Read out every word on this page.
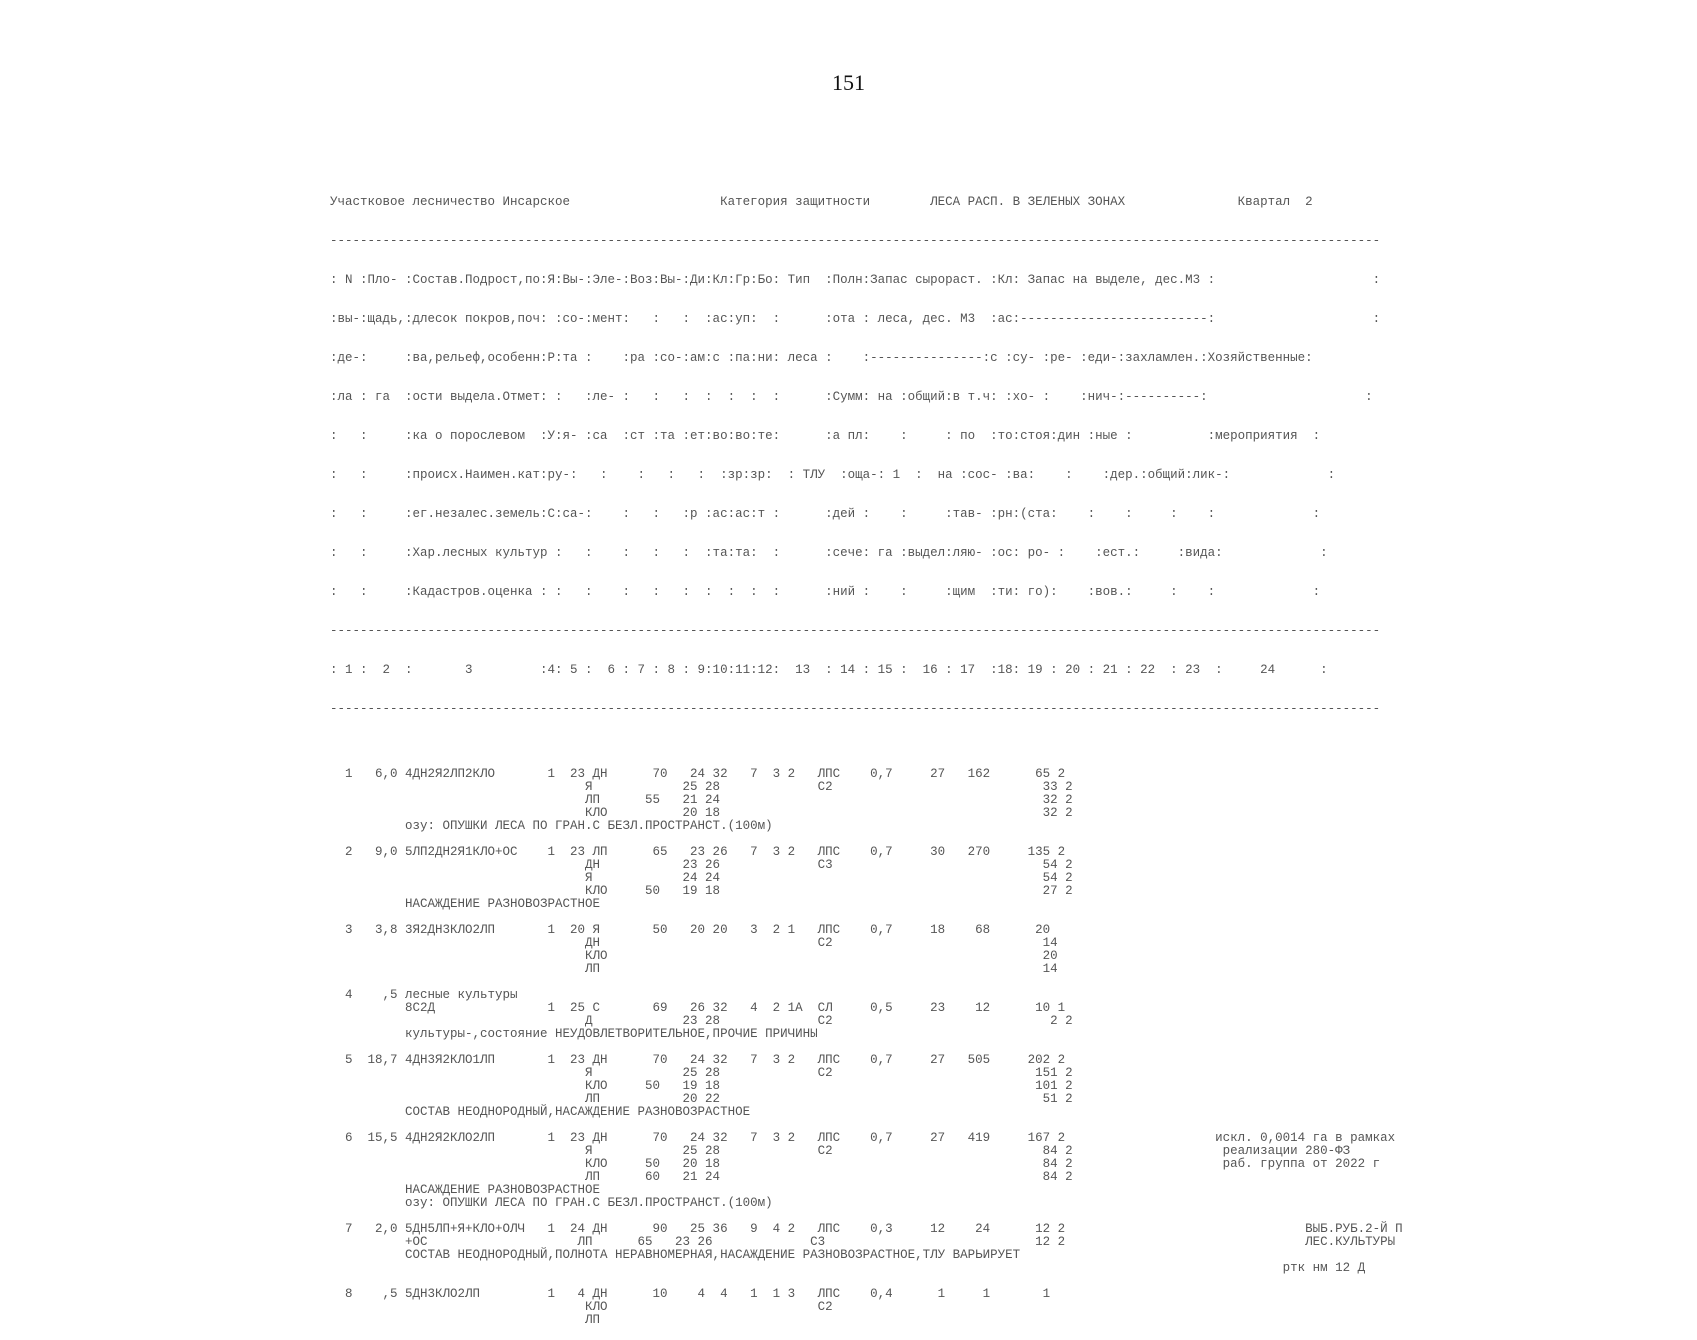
151

Участковое лесничество Инсарское                    Категория защитности        ЛЕСА РАСП. В ЗЕЛЕНЫХ ЗОНАХ               Квартал  2

--------------------------------------------------------------------------------------------------------------------------------------------

: N :Пло- :Состав.Подрост,по:Я:Вы-:Эле-:Воз:Вы-:Ди:Кл:Гр:Бо: Тип  :Полн:Запас сырораст. :Кл: Запас на выделе, дес.М3 :                     :

:вы-:щадь,:длесок покров,поч: :со-:мент:   :   :  :ас:уп:  :      :ота : леса, дес. М3  :ас:-------------------------:                     :

:де-:     :ва,рельеф,особенн:Р:та :    :ра :со-:ам:с :па:ни: леса :    :---------------:с :су- :ре- :еди-:захламлен.:Хозяйственные:

:ла : га  :ости выдела.Отмет: :   :ле- :   :   :  :  :  :  :      :Сумм: на :общий:в т.ч: :хо- :    :нич-:----------:                     :

:   :     :ка о порослевом  :У:я- :са  :ст :та :ет:во:во:те:      :а пл:    :     : по  :то:стоя:дин :ные :          :мероприятия  :

:   :     :происх.Наимен.кат:ру-:   :    :   :   :  :зр:зр:  : ТЛУ  :оща-: 1  :  на :сос- :ва:    :    :дер.:общий:лик-:             :

:   :     :ег.незалес.земель:С:са-:    :   :   :р :ас:ас:т :      :дей :    :     :тав- :рн:(ста:    :    :     :    :             :

:   :     :Хар.лесных культур :   :    :   :   :  :та:та:  :      :сече: га :выдел:ляю- :ос: ро- :    :ест.:     :вида:             :

:   :     :Кадастров.оценка : :   :    :   :   :  :  :  :  :      :ний :    :     :щим  :ти: го):    :вов.:     :    :             :

--------------------------------------------------------------------------------------------------------------------------------------------

: 1 :  2  :       3         :4: 5 :  6 : 7 : 8 : 9:10:11:12:  13  : 14 : 15 :  16 : 17  :18: 19 : 20 : 21 : 22  : 23  :     24      :

--------------------------------------------------------------------------------------------------------------------------------------------

1   6,0 4ДН2Я2ЛП2КЛО       1  23 ДН      70   24 32   7  3 2   ЛПС    0,7     27   162      65 2
Я            25 28             С2                            33 2
ЛП      55   21 24                                           32 2
КЛО          20 18                                           32 2
озу: ОПУШКИ ЛЕСА ПО ГРАН.С БЕЗЛ.ПРОСТРАНСТ.(100м)
2   9,0 5ЛП2ДН2Я1КЛО+ОС    1  23 ЛП      65   23 26   7  3 2   ЛПС    0,7     30   270     135 2
ДН           23 26             С3                            54 2
Я            24 24                                           54 2
КЛО     50   19 18                                           27 2
НАСАЖДЕНИЕ РАЗНОВОЗРАСТНОЕ
3   3,8 3Я2ДН3КЛО2ЛП       1  20 Я       50   20 20   3  2 1   ЛПС    0,7     18    68      20
ДН                             С2                            14
КЛО                                                          20
ЛП                                                           14
4    ,5 лесные культуры
8С2Д               1  25 С       69   26 32   4  2 1А  СЛ     0,5     23    12      10 1
Д            23 28             С2                             2 2
культуры-,состояние НЕУДОВЛЕТВОРИТЕЛЬНОЕ,ПРОЧИЕ ПРИЧИНЫ
5  18,7 4ДН3Я2КЛО1ЛП       1  23 ДН      70   24 32   7  3 2   ЛПС    0,7     27   505     202 2
Я            25 28             С2                           151 2
КЛО     50   19 18                                          101 2
ЛП           20 22                                           51 2
СОСТАВ НЕОДНОРОДНЫЙ,НАСАЖДЕНИЕ РАЗНОВОЗРАСТНОЕ
6  15,5 4ДН2Я2КЛО2ЛП       1  23 ДН      70   24 32   7  3 2   ЛПС    0,7     27   419     167 2                    искл. 0,0014 га в рамках
Я            25 28             С2                            84 2                    реализации 280-ФЗ
КЛО     50   20 18                                           84 2                    раб. группа от 2022 г
ЛП      60   21 24                                           84 2
НАСАЖДЕНИЕ РАЗНОВОЗРАСТНОЕ
озу: ОПУШКИ ЛЕСА ПО ГРАН.С БЕЗЛ.ПРОСТРАНСТ.(100м)
7   2,0 5ДН5ЛП+Я+КЛО+ОЛЧ   1  24 ДН      90   25 36   9  4 2   ЛПС    0,3     12    24      12 2                                ВЫБ.РУБ.2-Й П
+ОС                    ЛП      65   23 26             С3                            12 2                                ЛЕС.КУЛЬТУРЫ
СОСТАВ НЕОДНОРОДНЫЙ,ПОЛНОТА НЕРАВНОМЕРНАЯ,НАСАЖДЕНИЕ РАЗНОВОЗРАСТНОЕ,ТЛУ ВАРЬИРУЕТ
ртк нм 12 Д
8    ,5 5ДН3КЛО2ЛП         1   4 ДН      10    4  4   1  1 3   ЛПС    0,4      1     1       1
КЛО                            С2
ЛП
